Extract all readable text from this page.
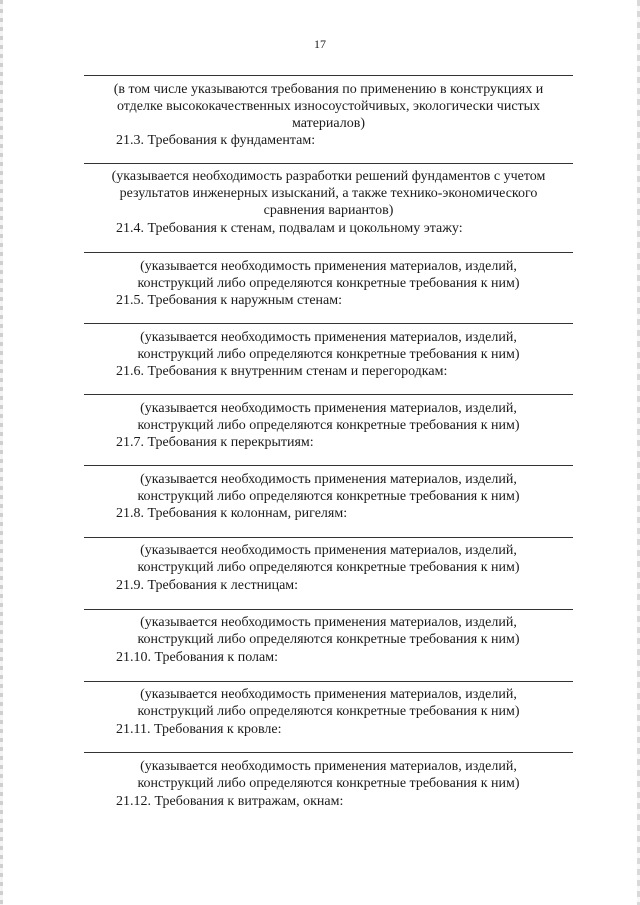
17
(в том числе указываются требования по применению в конструкциях и
отделке высококачественных износоустойчивых, экологически чистых
материалов)
21.3. Требования к фундаментам:
(указывается необходимость разработки решений фундаментов с учетом
результатов инженерных изысканий, а также технико-экономического
сравнения вариантов)
21.4. Требования к стенам, подвалам и цокольному этажу:
(указывается необходимость применения материалов, изделий,
конструкций либо определяются конкретные требования к ним)
21.5. Требования к наружным стенам:
(указывается необходимость применения материалов, изделий,
конструкций либо определяются конкретные требования к ним)
21.6. Требования к внутренним стенам и перегородкам:
(указывается необходимость применения материалов, изделий,
конструкций либо определяются конкретные требования к ним)
21.7. Требования к перекрытиям:
(указывается необходимость применения материалов, изделий,
конструкций либо определяются конкретные требования к ним)
21.8. Требования к колоннам, ригелям:
(указывается необходимость применения материалов, изделий,
конструкций либо определяются конкретные требования к ним)
21.9. Требования к лестницам:
(указывается необходимость применения материалов, изделий,
конструкций либо определяются конкретные требования к ним)
21.10. Требования к полам:
(указывается необходимость применения материалов, изделий,
конструкций либо определяются конкретные требования к ним)
21.11. Требования к кровле:
(указывается необходимость применения материалов, изделий,
конструкций либо определяются конкретные требования к ним)
21.12. Требования к витражам, окнам:
